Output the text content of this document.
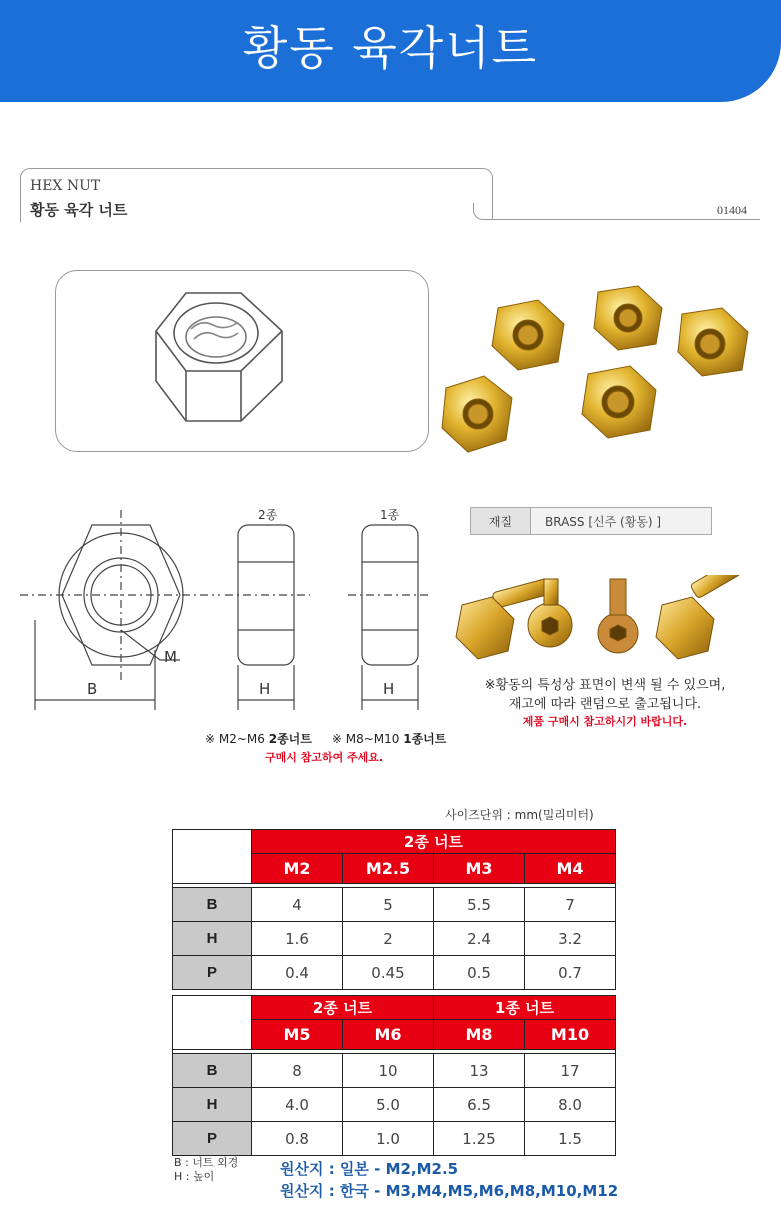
황동 육각너트
HEX NUT
황동 육각 너트	01404
2종	1종
M
B	H	H
※ M2~M6 2종너트 ※ M8~M10 1종너트
구매시 참고하여 주세요.
재질	BRASS [신주 (황동) ]
※황동의 특성상 표면이 변색 될 수 있으며,
재고에 따라 랜덤으로 출고됩니다.
제품 구매시 참고하시기 바랍니다.
사이즈단위 : mm(밀리미터)
	2종 너트			
	M2	M2.5	M3	M4

B	4	5	5.5	7
H	1.6	2	2.4	3.2
P	0.4	0.45	0.5	0.7
	2종 너트		1종 너트	
	M5	M6	M8	M10

B	8	10	13	17
H	4.0	5.0	6.5	8.0
P	0.8	1.0	1.25	1.5
B : 너트 외경
H : 높이	원산지 : 일본 - M2,M2.5
원산지 : 한국 - M3,M4,M5,M6,M8,M10,M12
